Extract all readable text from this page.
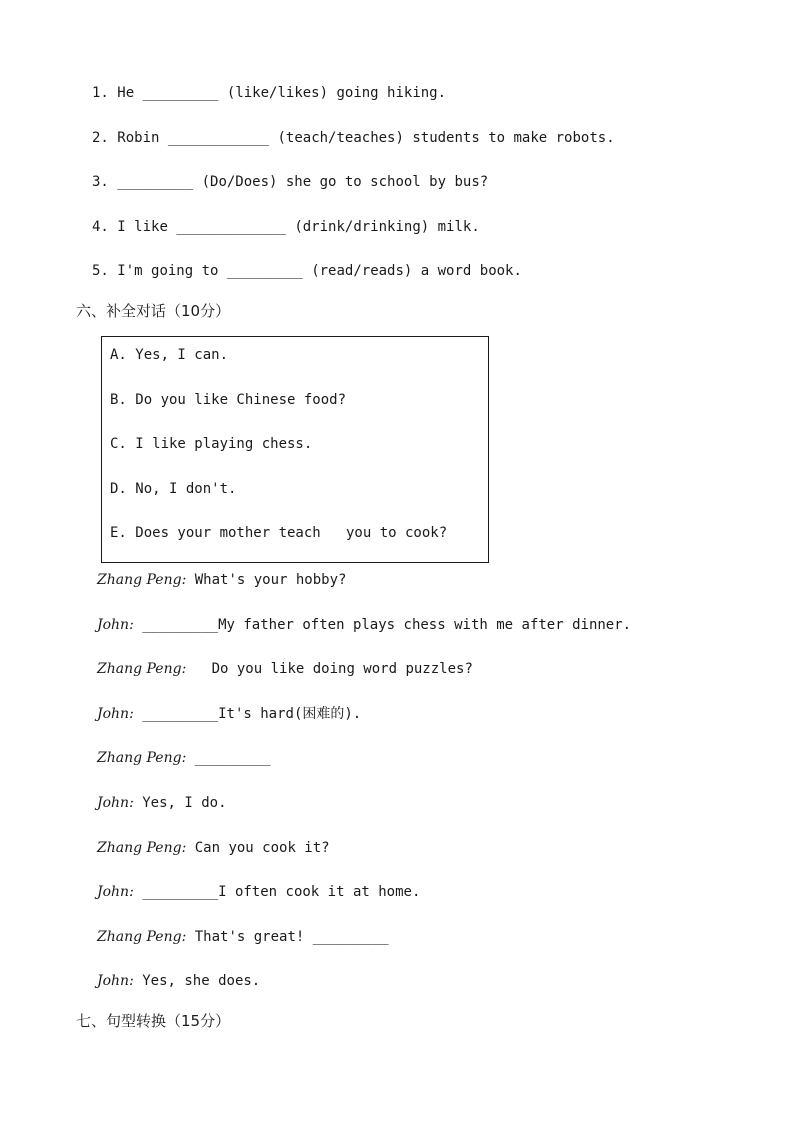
1. He _________ (like/likes) going hiking.
2. Robin ____________ (teach/teaches) students to make robots.
3. _________ (Do/Does) she go to school by bus?
4. I like _____________ (drink/drinking) milk.
5. I'm going to _________ (read/reads) a word book.
六、补全对话（10分）
A. Yes, I can.
B. Do you like Chinese food?
C. I like playing chess.
D. No, I don't.
E. Does your mother teach   you to cook?
Zhang Peng: What's your hobby?
John: _________My father often plays chess with me after dinner.
Zhang Peng:   Do you like doing word puzzles?
John: _________It's hard(困难的).
Zhang Peng: _________
John: Yes, I do.
Zhang Peng: Can you cook it?
John: _________I often cook it at home.
Zhang Peng: That's great! _________
John: Yes, she does.
七、句型转换（15分）
